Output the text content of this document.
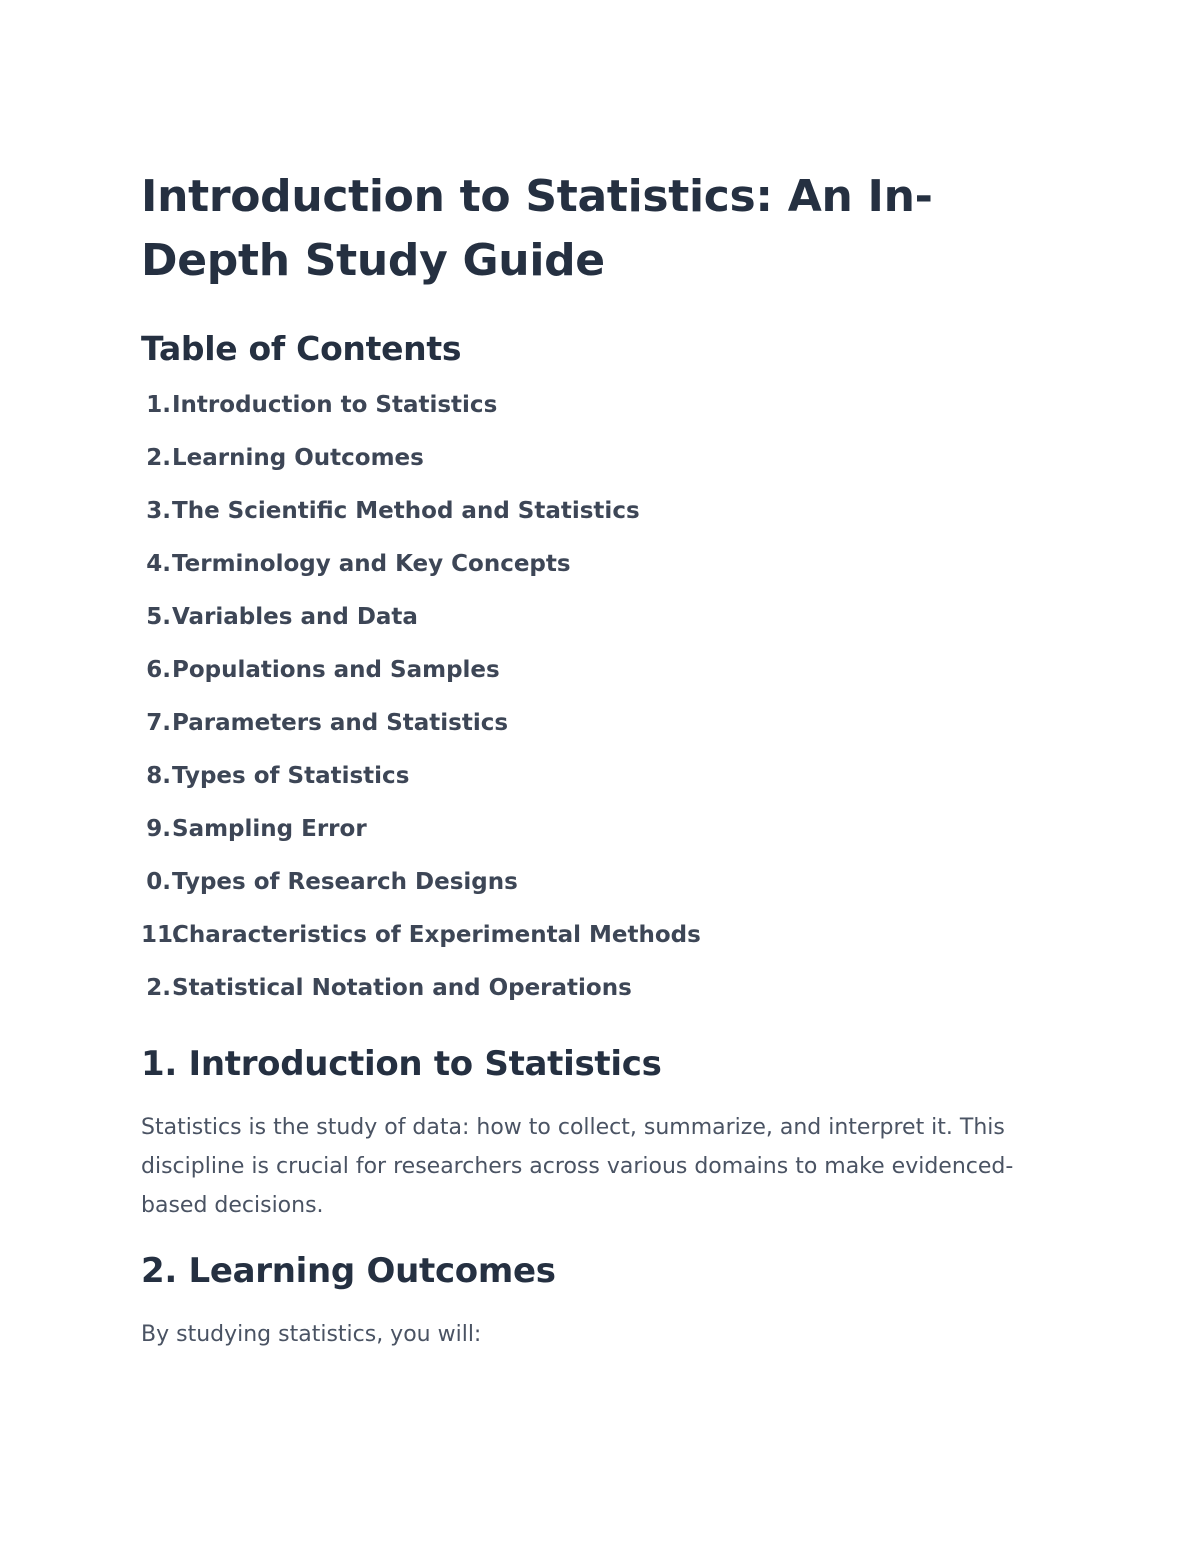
Introduction to Statistics: An In-Depth Study Guide
Table of Contents
1. Introduction to Statistics
2. Learning Outcomes
3. The Scientific Method and Statistics
4. Terminology and Key Concepts
5. Variables and Data
6. Populations and Samples
7. Parameters and Statistics
8. Types of Statistics
9. Sampling Error
0. Types of Research Designs
11.
Characteristics of Experimental Methods
2. Statistical Notation and Operations
1. Introduction to Statistics

Statistics is the study of data: how to collect, summarize, and interpret it. This discipline is crucial for researchers across various domains to make evidenced-based decisions.

2. Learning Outcomes

By studying statistics, you will:
